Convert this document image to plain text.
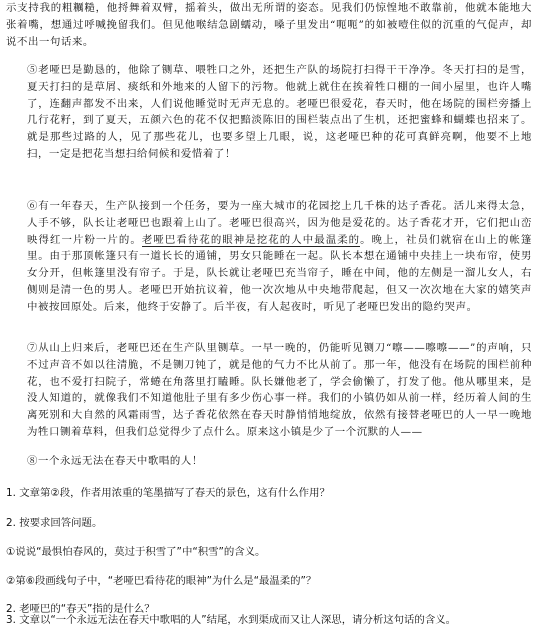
示支持我的粗糲糙，他捋舞着双臂，摇着头，做出无所谓的姿态。见我们仍惊惶地不敢靠前，他就本能地大张着嘴，想通过呼喊挽留我们。但见他喉结急剧蠕动，嗓子里发出“呃呃”的如被噎住似的沉重的气促声，却说不出一句话来。

⑤老哑巴是勤恳的，他除了铡草、喂牲口之外，还把生产队的场院打扫得干干净净。冬天打扫的是雪，夏天打扫的是草屑、痰纸和外地来的人留下的污物。他就上就住在挨着牲口棚的一间小屋里，也许人嘴了，连翻声都发不出来，人们说他睡觉时无声无息的。老哑巴很爱花，春天时，他在场院的围栏旁播上几行花籽，到了夏天，五颜六色的花不仅把黯淡陈旧的围栏装点出了生机，还把蜜蜂和蝴蝶也招来了。就是那些过路的人，见了那些花儿，也要多望上几眼，说，这老哑巴种的花可真鲜亮啊，他要不上地扫，一定是把花当想扫给伺候和爱惜着了！

⑥有一年春天，生产队接到一个任务，要为一座大城市的花园挖上几千株的达子香花。活儿来得太急，人手不够，队长让老哑巴也跟着上山了。老哑巴很高兴，因为他是爱花的。达子香花才开，它们把山峦映得红一片粉一片的。老哑巴看待花的眼神是挖花的人中最温柔的。晚上，社员们就宿在山上的帐篷里。由于那顶帐篷只有一道长长的通铺，男女只能睡在一起。队长本想在通铺中央挂上一块布帘，使男女分开，但帐篷里没有帘子。于是，队长就让老哑巴充当帘子，睡在中间，他的左侧是一溜儿女人，右侧则是清一色的男人。老哑巴开始抗议着，他一次次地从中央地带爬起，但又一次次地在大家的嬉笑声中被按回原处。后来，他终于安静了。后半夜，有人起夜时，听见了老哑巴发出的隐约哭声。

⑦从山上归来后，老哑巴还在生产队里铡草。一早一晚的，仍能听见铡刀“嚓——嚓嚓——”的声响，只不过声音不如以往清脆，不是铡刀钝了，就是他的气力不比从前了。那一年，他没有在场院的围栏前种花，也不爱打扫院子，常蜷在角落里打瞌睡。队长嫌他老了，学会偷懒了，打发了他。他从哪里来，是没人知道的，就像我们不知道他肚子里有多少伤心事一样。我们的小镇仍如从前一样，经历着人间的生离死别和大自然的风霜雨雪，达子香花依然在春天时静悄悄地绽放，依然有接替老哑巴的人一早一晚地为牲口铡着草料，但我们总觉得少了点什么。原来这小镇是少了一个沉默的人——

⑧一个永远无法在春天中歌唱的人！

1. 文章第②段，作者用浓重的笔墨描写了春天的景色，这有什么作用？
2. 按要求回答问题。
①说说“最惧怕春风的，莫过于积雪了”中“积雪”的含义。
②第⑥段画线句子中，“老哑巴看待花的眼神”为什么是“最温柔的”？
2. 老哑巴的“春天”指的是什么？
3. 文章以“一个永远无法在春天中歌唱的人”结尾，水到渠成而又让人深思，请分析这句话的含义。
